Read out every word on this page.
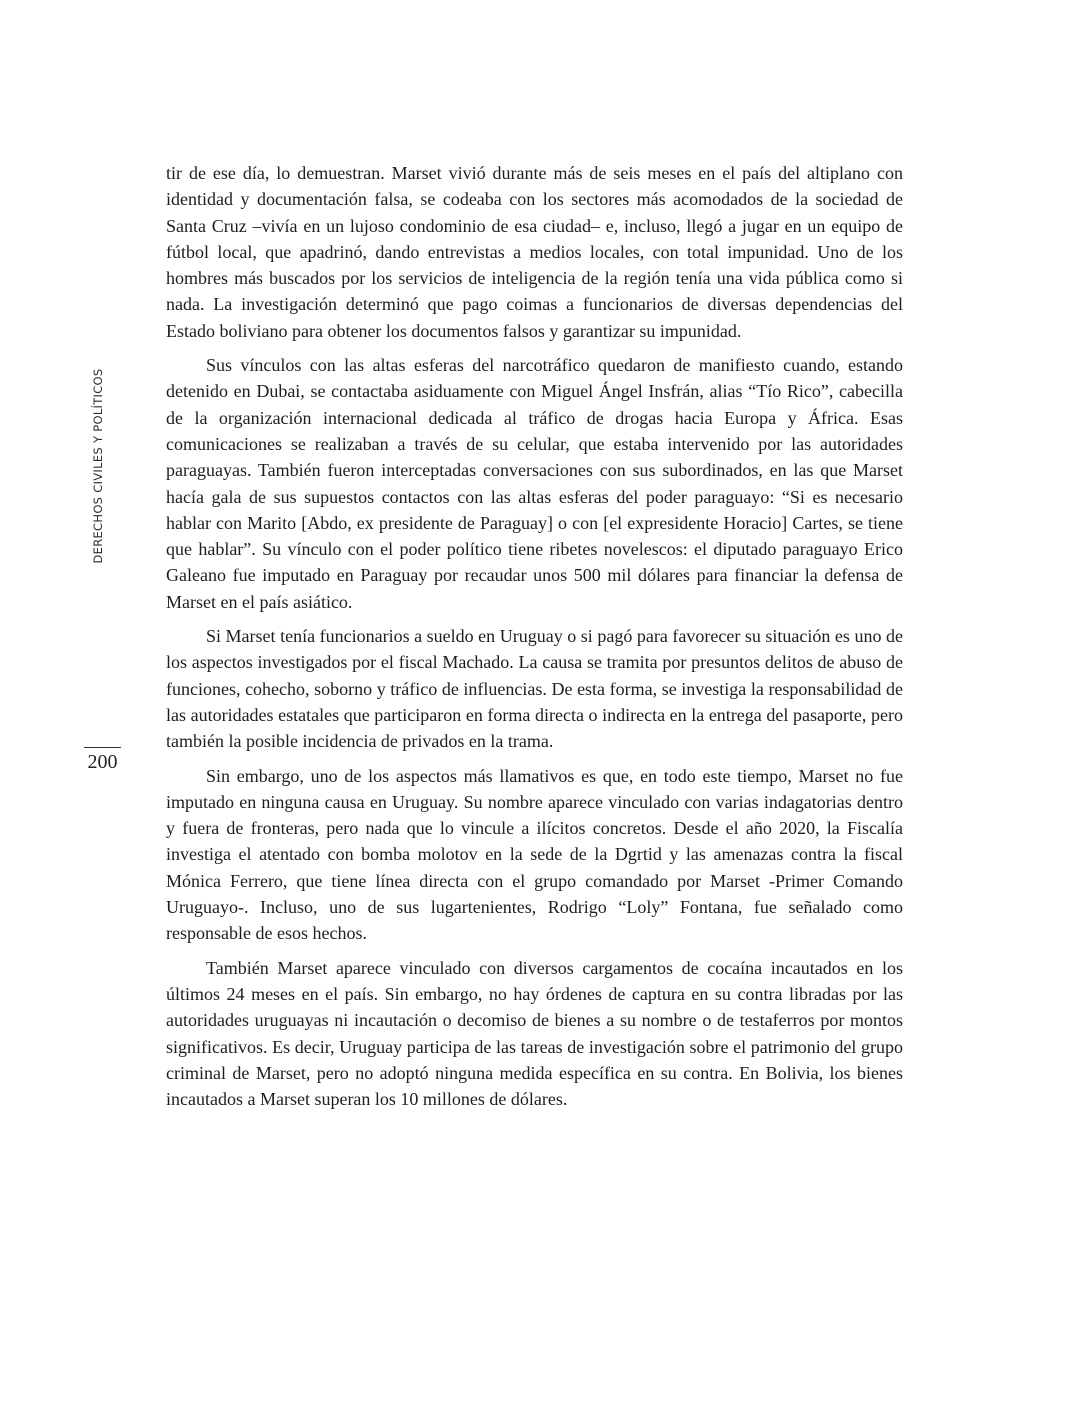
DERECHOS CIVILES Y POLÍTICOS
200

tir de ese día, lo demuestran. Marset vivió durante más de seis meses en el país del altiplano con identidad y documentación falsa, se codeaba con los sectores más acomodados de la sociedad de Santa Cruz –vivía en un lujoso condominio de esa ciudad– e, incluso, llegó a jugar en un equipo de fútbol local, que apadrinó, dando entrevistas a medios locales, con total impunidad. Uno de los hombres más buscados por los servicios de inteligencia de la región tenía una vida pública como si nada. La investigación determinó que pago coimas a funcionarios de diversas dependencias del Estado boliviano para obtener los documentos falsos y garantizar su impunidad.

Sus vínculos con las altas esferas del narcotráfico quedaron de manifiesto cuando, estando detenido en Dubai, se contactaba asiduamente con Miguel Ángel Insfrán, alias “Tío Rico”, cabecilla de la organización internacional dedicada al tráfico de drogas hacia Europa y África. Esas comunicaciones se realizaban a través de su celular, que estaba intervenido por las autoridades paraguayas. También fueron interceptadas conversaciones con sus subordinados, en las que Marset hacía gala de sus supuestos contactos con las altas esferas del poder paraguayo: “Si es necesario hablar con Marito [Abdo, ex presidente de Paraguay] o con [el expresidente Horacio] Cartes, se tiene que hablar”. Su vínculo con el poder político tiene ribetes novelescos: el diputado paraguayo Erico Galeano fue imputado en Paraguay por recaudar unos 500 mil dólares para financiar la defensa de Marset en el país asiático.

Si Marset tenía funcionarios a sueldo en Uruguay o si pagó para favorecer su situación es uno de los aspectos investigados por el fiscal Machado. La causa se tramita por presuntos delitos de abuso de funciones, cohecho, soborno y tráfico de influencias. De esta forma, se investiga la responsabilidad de las autoridades estatales que participaron en forma directa o indirecta en la entrega del pasaporte, pero también la posible incidencia de privados en la trama.

Sin embargo, uno de los aspectos más llamativos es que, en todo este tiempo, Marset no fue imputado en ninguna causa en Uruguay. Su nombre aparece vinculado con varias indagatorias dentro y fuera de fronteras, pero nada que lo vincule a ilícitos concretos. Desde el año 2020, la Fiscalía investiga el atentado con bomba molotov en la sede de la Dgrtid y las amenazas contra la fiscal Mónica Ferrero, que tiene línea directa con el grupo comandado por Marset -Primer Comando Uruguayo-. Incluso, uno de sus lugartenientes, Rodrigo “Loly” Fontana, fue señalado como responsable de esos hechos.

También Marset aparece vinculado con diversos cargamentos de cocaína incautados en los últimos 24 meses en el país. Sin embargo, no hay órdenes de captura en su contra libradas por las autoridades uruguayas ni incautación o decomiso de bienes a su nombre o de testaferros por montos significativos. Es decir, Uruguay participa de las tareas de investigación sobre el patrimonio del grupo criminal de Marset, pero no adoptó ninguna medida específica en su contra. En Bolivia, los bienes incautados a Marset superan los 10 millones de dólares.
